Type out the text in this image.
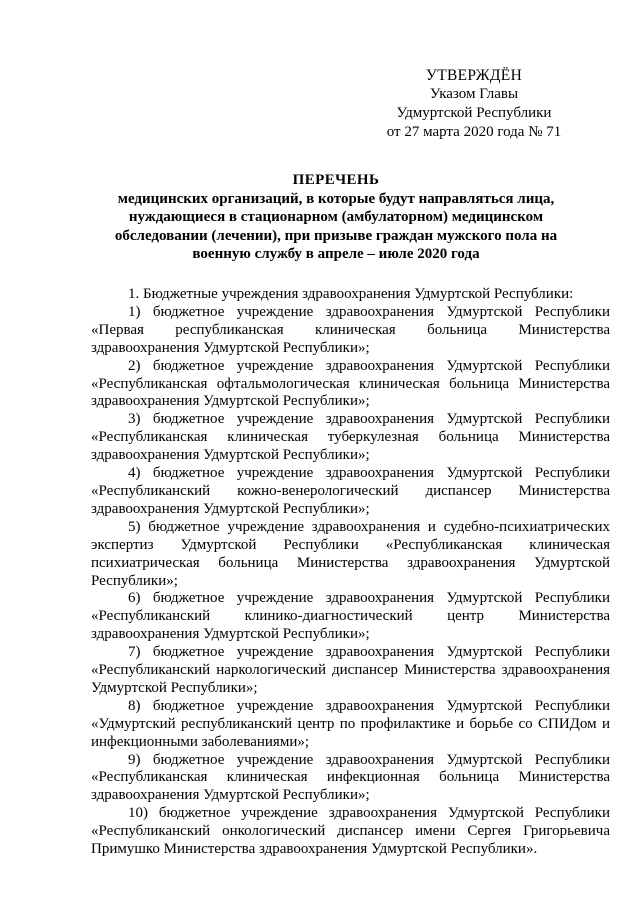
УТВЕРЖДЁН
Указом Главы
Удмуртской Республики
от 27 марта 2020 года № 71
ПЕРЕЧЕНЬ
медицинских организаций, в которые будут направляться лица, нуждающиеся в стационарном (амбулаторном) медицинском обследовании (лечении), при призыве граждан мужского пола на военную службу в апреле – июле 2020 года

1. Бюджетные учреждения здравоохранения Удмуртской Республики:

1) бюджетное учреждение здравоохранения Удмуртской Республики «Первая республиканская клиническая больница Министерства здравоохранения Удмуртской Республики»;

2) бюджетное учреждение здравоохранения Удмуртской Республики «Республиканская офтальмологическая клиническая больница Министерства здравоохранения Удмуртской Республики»;

3) бюджетное учреждение здравоохранения Удмуртской Республики «Республиканская клиническая туберкулезная больница Министерства здравоохранения Удмуртской Республики»;

4) бюджетное учреждение здравоохранения Удмуртской Республики «Республиканский кожно-венерологический диспансер Министерства здравоохранения Удмуртской Республики»;

5) бюджетное учреждение здравоохранения и судебно-психиатрических экспертиз Удмуртской Республики «Республиканская клиническая психиатрическая больница Министерства здравоохранения Удмуртской Республики»;

6) бюджетное учреждение здравоохранения Удмуртской Республики «Республиканский клинико-диагностический центр Министерства здравоохранения Удмуртской Республики»;

7) бюджетное учреждение здравоохранения Удмуртской Республики «Республиканский наркологический диспансер Министерства здравоохранения Удмуртской Республики»;

8) бюджетное учреждение здравоохранения Удмуртской Республики «Удмуртский республиканский центр по профилактике и борьбе со СПИДом и инфекционными заболеваниями»;

9) бюджетное учреждение здравоохранения Удмуртской Республики «Республиканская клиническая инфекционная больница Министерства здравоохранения Удмуртской Республики»;

10) бюджетное учреждение здравоохранения Удмуртской Республики «Республиканский онкологический диспансер имени Сергея Григорьевича Примушко Министерства здравоохранения Удмуртской Республики».
